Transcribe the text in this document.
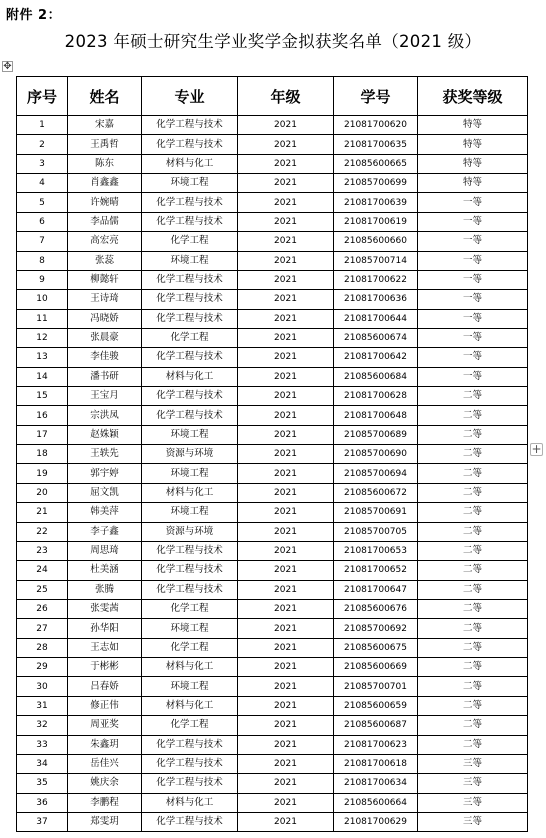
附件 2：
2023 年硕士研究生学业奖学金拟获奖名单（2021 级）
✥
+
序号	姓名	专业	年级	学号	获奖等级
1	宋嘉	化学工程与技术	2021	21081700620	特等
2	王禹哲	化学工程与技术	2021	21081700635	特等
3	陈东	材料与化工	2021	21085600665	特等
4	肖鑫鑫	环境工程	2021	21085700699	特等
5	许婉晴	化学工程与技术	2021	21081700639	一等
6	李品儒	化学工程与技术	2021	21081700619	一等
7	高宏亮	化学工程	2021	21085600660	一等
8	张蕊	环境工程	2021	21085700714	一等
9	柳懿轩	化学工程与技术	2021	21081700622	一等
10	王诗琦	化学工程与技术	2021	21081700636	一等
11	冯晓娇	化学工程与技术	2021	21081700644	一等
12	张晨豪	化学工程	2021	21085600674	一等
13	李佳骏	化学工程与技术	2021	21081700642	一等
14	潘书研	材料与化工	2021	21085600684	一等
15	王宝月	化学工程与技术	2021	21081700628	二等
16	宗洪凤	化学工程与技术	2021	21081700648	二等
17	赵姝颖	环境工程	2021	21085700689	二等
18	王轶先	资源与环境	2021	21085700690	二等
19	郭宇婷	环境工程	2021	21085700694	二等
20	屈文凯	材料与化工	2021	21085600672	二等
21	韩美萍	环境工程	2021	21085700691	二等
22	李子鑫	资源与环境	2021	21085700705	二等
23	周思琦	化学工程与技术	2021	21081700653	二等
24	杜美涵	化学工程与技术	2021	21081700652	二等
25	张腾	化学工程与技术	2021	21081700647	二等
26	张雯茜	化学工程	2021	21085600676	二等
27	孙华阳	环境工程	2021	21085700692	二等
28	王志如	化学工程	2021	21085600675	二等
29	于彬彬	材料与化工	2021	21085600669	二等
30	吕春娇	环境工程	2021	21085700701	二等
31	修正伟	材料与化工	2021	21085600659	二等
32	周亚奖	化学工程	2021	21085600687	二等
33	朱鑫玥	化学工程与技术	2021	21081700623	二等
34	岳佳兴	化学工程与技术	2021	21081700618	三等
35	姚庆余	化学工程与技术	2021	21081700634	三等
36	李鹏程	材料与化工	2021	21085600664	三等
37	郑雯玥	化学工程与技术	2021	21081700629	三等
